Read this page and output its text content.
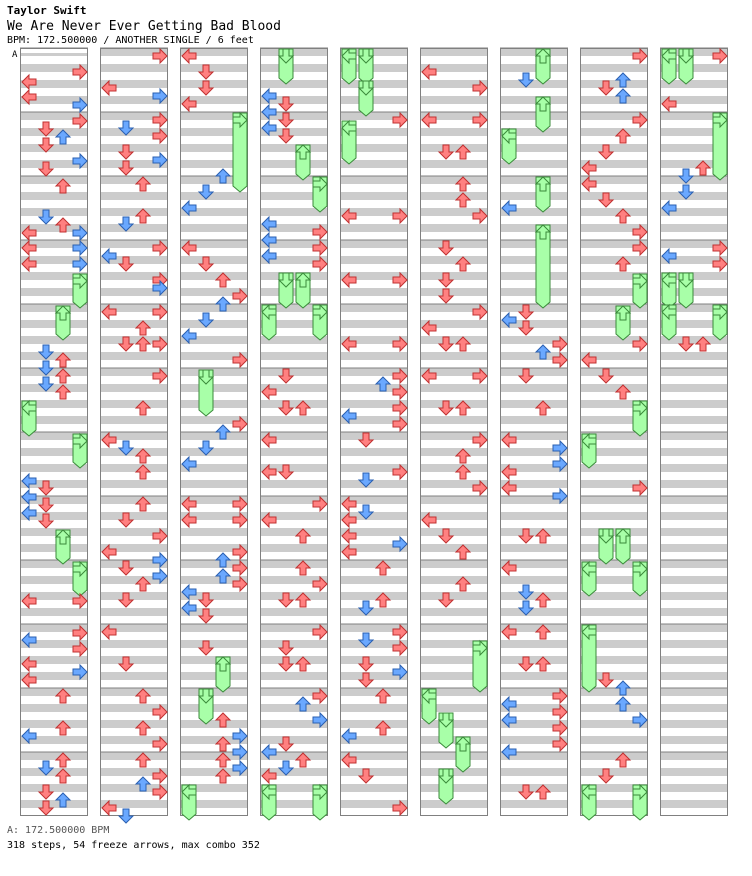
Taylor Swift
We Are Never Ever Getting Bad Blood
BPM: 172.500000 / ANOTHER SINGLE / 6 feet
A
A: 172.500000 BPM
318 steps, 54 freeze arrows, max combo 352
